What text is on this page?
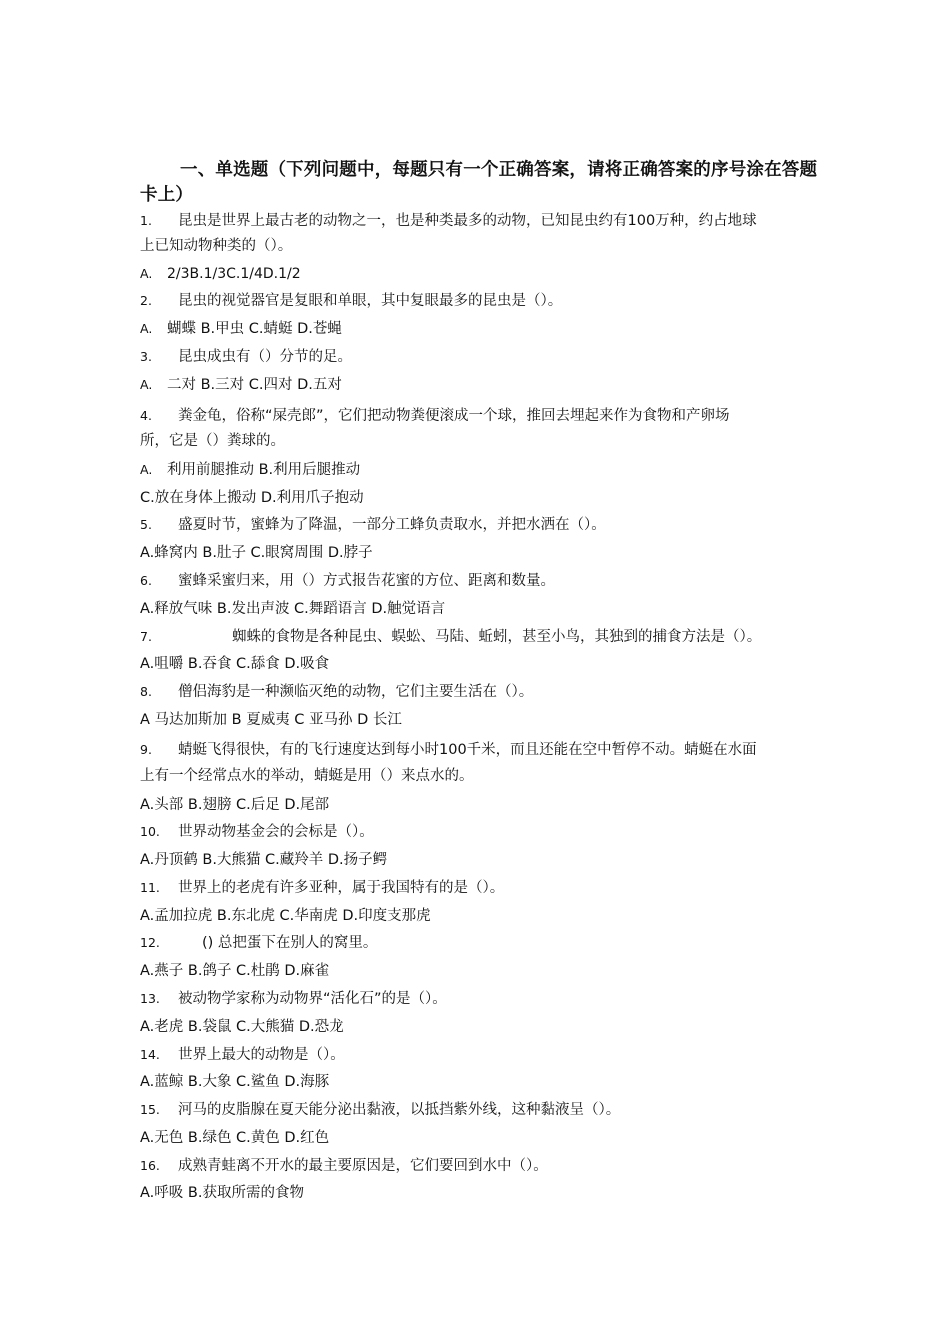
一、单选题（下列问题中，每题只有一个正确答案，请将正确答案的序号涂在答题卡上）
1. 昆虫是世界上最古老的动物之一，也是种类最多的动物，已知昆虫约有100万种，约占地球
上已知动物种类的（）。
A. 2/3B.1/3C.1/4D.1/2
2. 昆虫的视觉器官是复眼和单眼，其中复眼最多的昆虫是（）。
A. 蝴蝶 B.甲虫 C.蜻蜓 D.苍蝇
3. 昆虫成虫有（）分节的足。
A. 二对 B.三对 C.四对 D.五对
4. 粪金龟，俗称“屎壳郎”，它们把动物粪便滚成一个球，推回去埋起来作为食物和产卵场
所，它是（）粪球的。
A. 利用前腿推动 B.利用后腿推动
C.放在身体上搬动 D.利用爪子抱动
5. 盛夏时节，蜜蜂为了降温，一部分工蜂负责取水，并把水洒在（）。
A.蜂窝内 B.肚子 C.眼窝周围 D.脖子
6. 蜜蜂采蜜归来，用（）方式报告花蜜的方位、距离和数量。
A.释放气味 B.发出声波 C.舞蹈语言 D.触觉语言
7.	蜘蛛的食物是各种昆虫、蜈蚣、马陆、蚯蚓，甚至小鸟，其独到的捕食方法是（）。
A.咀嚼 B.吞食 C.舔食 D.吸食
8. 僧侣海豹是一种濒临灭绝的动物，它们主要生活在（）。
A 马达加斯加 B 夏威夷 C 亚马孙 D 长江
9. 蜻蜓飞得很快，有的飞行速度达到每小时100千米，而且还能在空中暂停不动。蜻蜓在水面
上有一个经常点水的举动，蜻蜓是用（）来点水的。
A.头部 B.翅膀 C.后足 D.尾部
10. 世界动物基金会的会标是（）。
A.丹顶鹤 B.大熊猫 C.藏羚羊 D.扬子鳄
11. 世界上的老虎有许多亚种，属于我国特有的是（）。
A.孟加拉虎 B.东北虎 C.华南虎 D.印度支那虎
12.	() 总把蛋下在别人的窝里。
A.燕子 B.鸽子 C.杜鹃 D.麻雀
13. 被动物学家称为动物界“活化石”的是（）。
A.老虎 B.袋鼠 C.大熊猫 D.恐龙
14. 世界上最大的动物是（）。
A.蓝鲸 B.大象 C.鲨鱼 D.海豚
15. 河马的皮脂腺在夏天能分泌出黏液，以抵挡紫外线，这种黏液呈（）。
A.无色 B.绿色 C.黄色 D.红色
16. 成熟青蛙离不开水的最主要原因是，它们要回到水中（）。
A.呼吸 B.获取所需的食物
